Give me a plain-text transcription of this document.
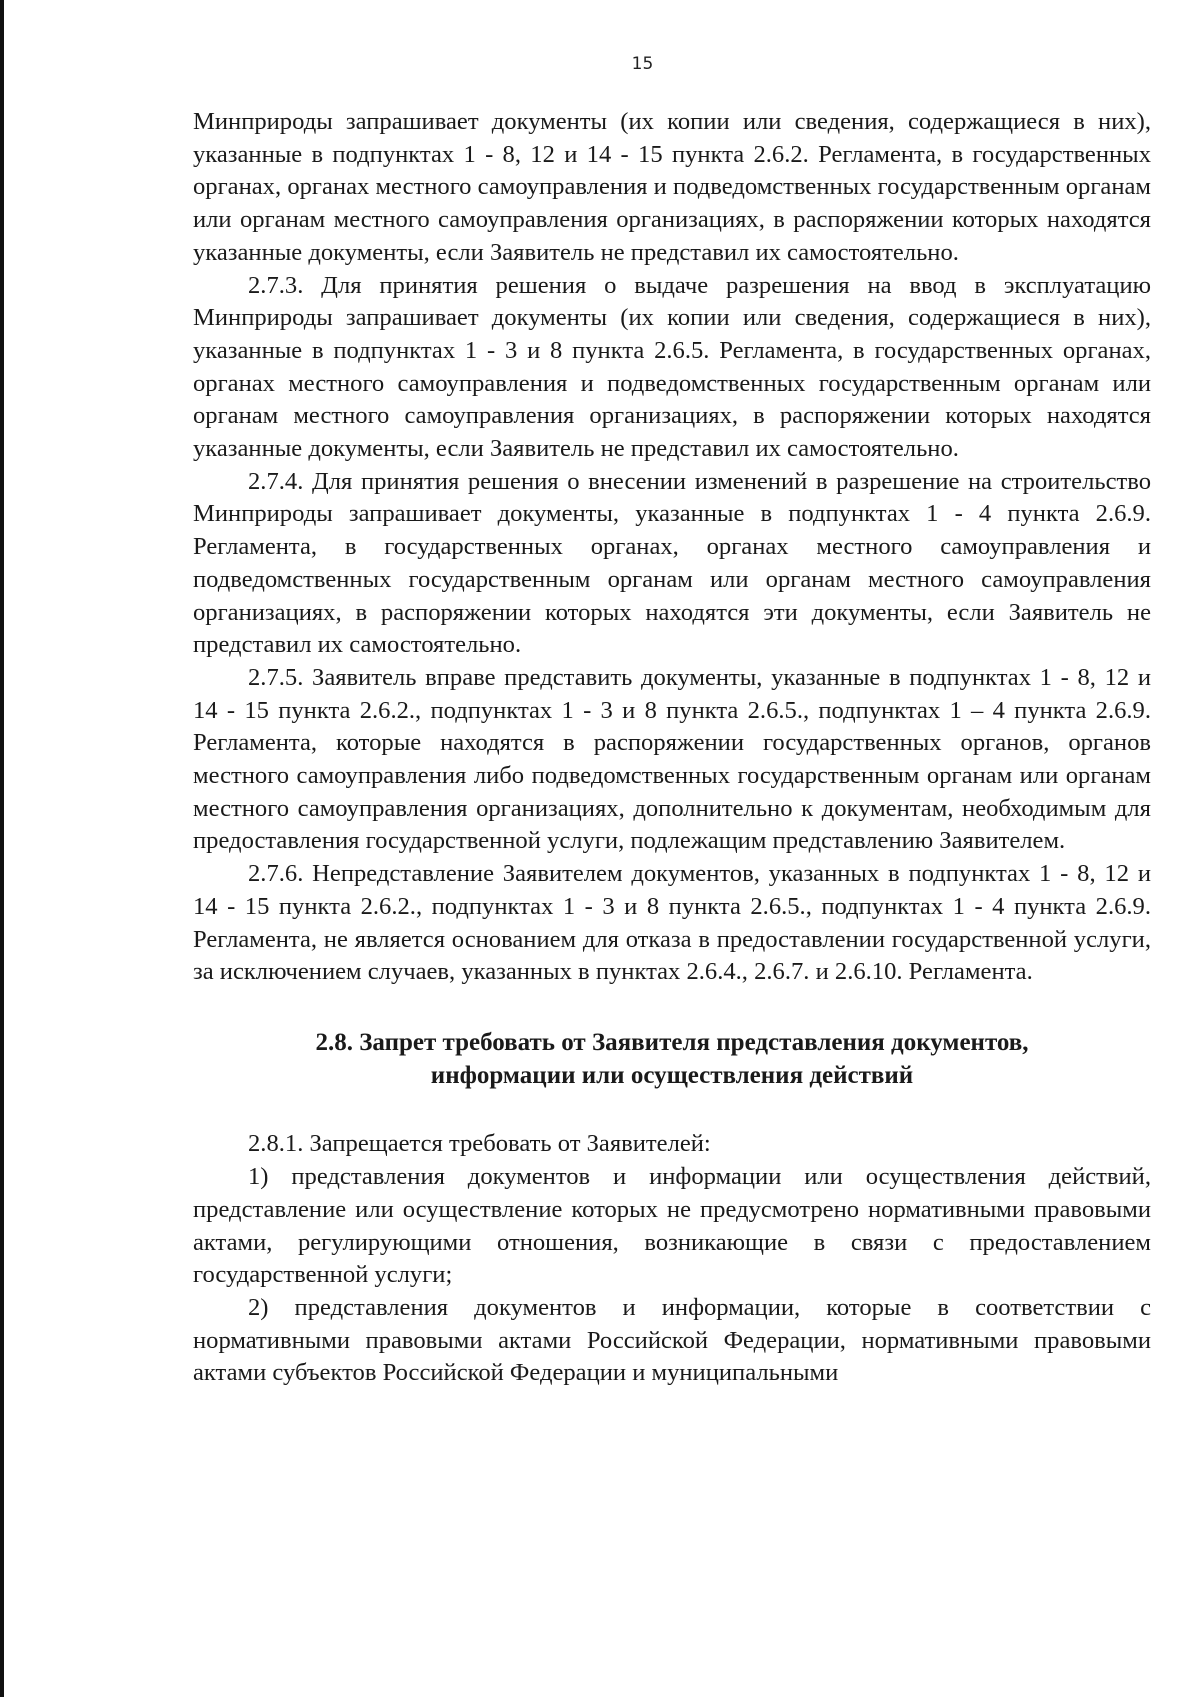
15

Минприроды запрашивает документы (их копии или сведения, содержащиеся в них), указанные в подпунктах 1 - 8, 12 и 14 - 15 пункта 2.6.2. Регламента, в государственных органах, органах местного самоуправления и подведомственных государственным органам или органам местного самоуправления организациях, в распоряжении которых находятся указанные документы, если Заявитель не представил их самостоятельно.

2.7.3. Для принятия решения о выдаче разрешения на ввод в эксплуатацию Минприроды запрашивает документы (их копии или сведения, содержащиеся в них), указанные в подпунктах 1 - 3 и 8 пункта 2.6.5. Регламента, в государственных органах, органах местного самоуправления и подведомственных государственным органам или органам местного самоуправления организациях, в распоряжении которых находятся указанные документы, если Заявитель не представил их самостоятельно.

2.7.4. Для принятия решения о внесении изменений в разрешение на строительство Минприроды запрашивает документы, указанные в подпунктах 1 - 4 пункта 2.6.9. Регламента, в государственных органах, органах местного самоуправления и подведомственных государственным органам или органам местного самоуправления организациях, в распоряжении которых находятся эти документы, если Заявитель не представил их самостоятельно.

2.7.5. Заявитель вправе представить документы, указанные в подпунктах 1 - 8, 12 и 14 - 15 пункта 2.6.2., подпунктах 1 - 3 и 8 пункта 2.6.5., подпунктах 1 – 4 пункта 2.6.9. Регламента, которые находятся в распоряжении государственных органов, органов местного самоуправления либо подведомственных государственным органам или органам местного самоуправления организациях, дополнительно к документам, необходимым для предоставления государственной услуги, подлежащим представлению Заявителем.

2.7.6. Непредставление Заявителем документов, указанных в подпунктах 1 - 8, 12 и 14 - 15 пункта 2.6.2., подпунктах 1 - 3 и 8 пункта 2.6.5., подпунктах 1 - 4 пункта 2.6.9. Регламента, не является основанием для отказа в предоставлении государственной услуги, за исключением случаев, указанных в пунктах 2.6.4., 2.6.7. и 2.6.10. Регламента.

2.8. Запрет требовать от Заявителя представления документов,
информации или осуществления действий

2.8.1. Запрещается требовать от Заявителей:

1) представления документов и информации или осуществления действий, представление или осуществление которых не предусмотрено нормативными правовыми актами, регулирующими отношения, возникающие в связи с предоставлением государственной услуги;

2) представления документов и информации, которые в соответствии с нормативными правовыми актами Российской Федерации, нормативными правовыми актами субъектов Российской Федерации и муниципальными
